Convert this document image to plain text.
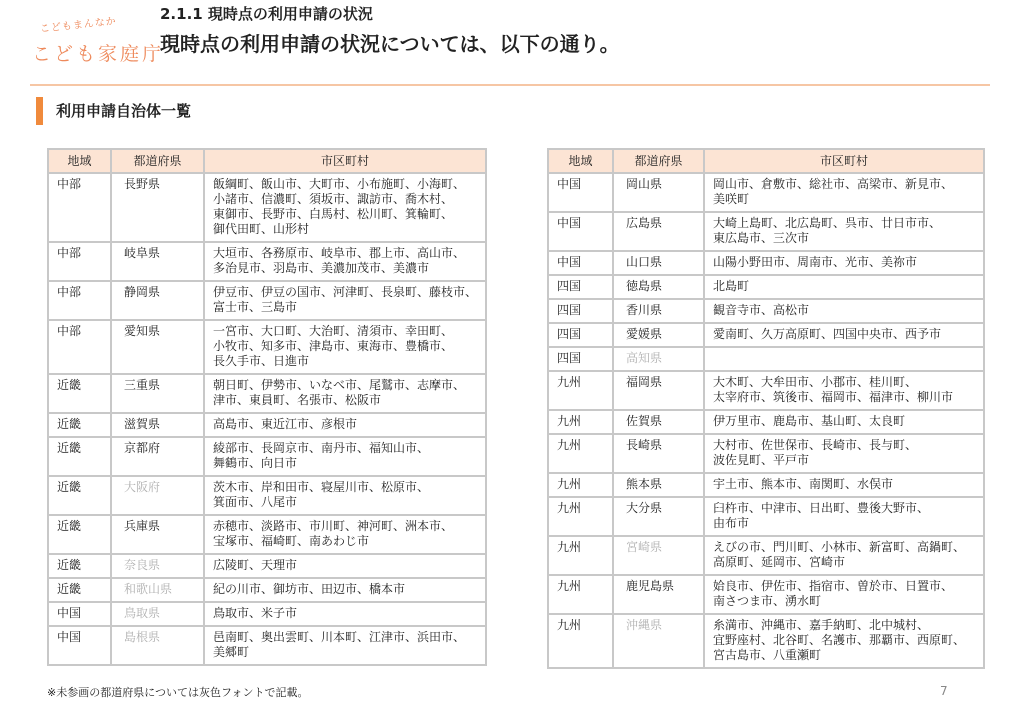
こどもまんなか
こども家庭庁
2.1.1 現時点の利用申請の状況
現時点の利用申請の状況については、以下の通り。
利用申請自治体一覧
地域	都道府県	市区町村
中部	長野県	飯綱町、飯山市、大町市、小布施町、小海町、
小諸市、信濃町、須坂市、諏訪市、喬木村、
東御市、長野市、白馬村、松川町、箕輪町、
御代田町、山形村
中部	岐阜県	大垣市、各務原市、岐阜市、郡上市、高山市、
多治見市、羽島市、美濃加茂市、美濃市
中部	静岡県	伊豆市、伊豆の国市、河津町、長泉町、藤枝市、
富士市、三島市
中部	愛知県	一宮市、大口町、大治町、清須市、幸田町、
小牧市、知多市、津島市、東海市、豊橋市、
長久手市、日進市
近畿	三重県	朝日町、伊勢市、いなべ市、尾鷲市、志摩市、
津市、東員町、名張市、松阪市
近畿	滋賀県	高島市、東近江市、彦根市
近畿	京都府	綾部市、長岡京市、南丹市、福知山市、
舞鶴市、向日市
近畿	大阪府	茨木市、岸和田市、寝屋川市、松原市、
箕面市、八尾市
近畿	兵庫県	赤穂市、淡路市、市川町、神河町、洲本市、
宝塚市、福崎町、南あわじ市
近畿	奈良県	広陵町、天理市
近畿	和歌山県	紀の川市、御坊市、田辺市、橋本市
中国	鳥取県	鳥取市、米子市
中国	島根県	邑南町、奥出雲町、川本町、江津市、浜田市、
美郷町
地域	都道府県	市区町村
中国	岡山県	岡山市、倉敷市、総社市、高梁市、新見市、
美咲町
中国	広島県	大崎上島町、北広島町、呉市、廿日市市、
東広島市、三次市
中国	山口県	山陽小野田市、周南市、光市、美祢市
四国	徳島県	北島町
四国	香川県	観音寺市、高松市
四国	愛媛県	愛南町、久万高原町、四国中央市、西予市
四国	高知県	
九州	福岡県	大木町、大牟田市、小郡市、桂川町、
太宰府市、筑後市、福岡市、福津市、柳川市
九州	佐賀県	伊万里市、鹿島市、基山町、太良町
九州	長崎県	大村市、佐世保市、長崎市、長与町、
波佐見町、平戸市
九州	熊本県	宇土市、熊本市、南関町、水俣市
九州	大分県	臼杵市、中津市、日出町、豊後大野市、
由布市
九州	宮崎県	えびの市、門川町、小林市、新富町、高鍋町、
高原町、延岡市、宮崎市
九州	鹿児島県	姶良市、伊佐市、指宿市、曽於市、日置市、
南さつま市、湧水町
九州	沖縄県	糸満市、沖縄市、嘉手納町、北中城村、
宜野座村、北谷町、名護市、那覇市、西原町、
宮古島市、八重瀬町
※未参画の都道府県については灰色フォントで記載。	7
